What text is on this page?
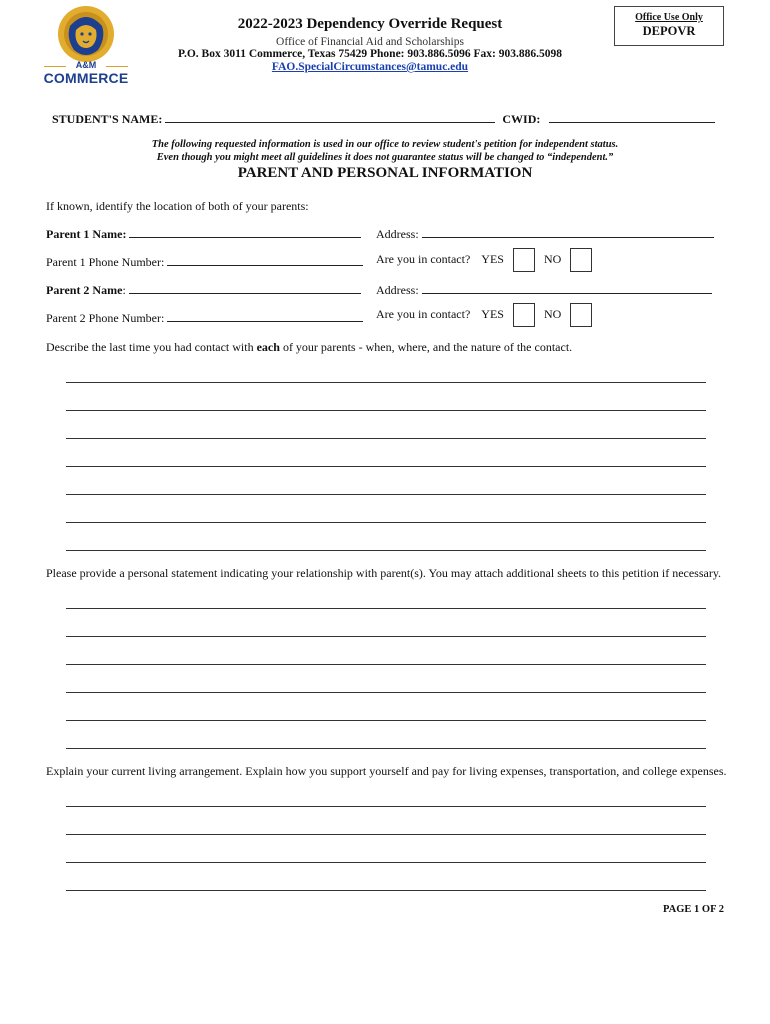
A&M
COMMERCE
2022-2023 Dependency Override Request
Office of Financial Aid and Scholarships
P.O. Box 3011 Commerce, Texas 75429 Phone: 903.886.5096 Fax: 903.886.5098
FAO.SpecialCircumstances@tamuc.edu
Office Use Only
DEPOVR
STUDENT'S NAME:	CWID:
The following requested information is used in our office to review student's petition for independent status.
Even though you might meet all guidelines it does not guarantee status will be changed to “independent.”
PARENT AND PERSONAL INFORMATION
If known, identify the location of both of your parents:
Parent 1 Name:	Address:
Parent 1 Phone Number:	Are you in contact? YES	NO
Parent 2 Name:	Address:
Parent 2 Phone Number:	Are you in contact? YES	NO
Describe the last time you had contact with each of your parents - when, where, and the nature of the contact.
Please provide a personal statement indicating your relationship with parent(s). You may attach additional sheets to this petition if necessary.
Explain your current living arrangement. Explain how you support yourself and pay for living expenses, transportation, and college expenses.
PAGE 1 OF 2
